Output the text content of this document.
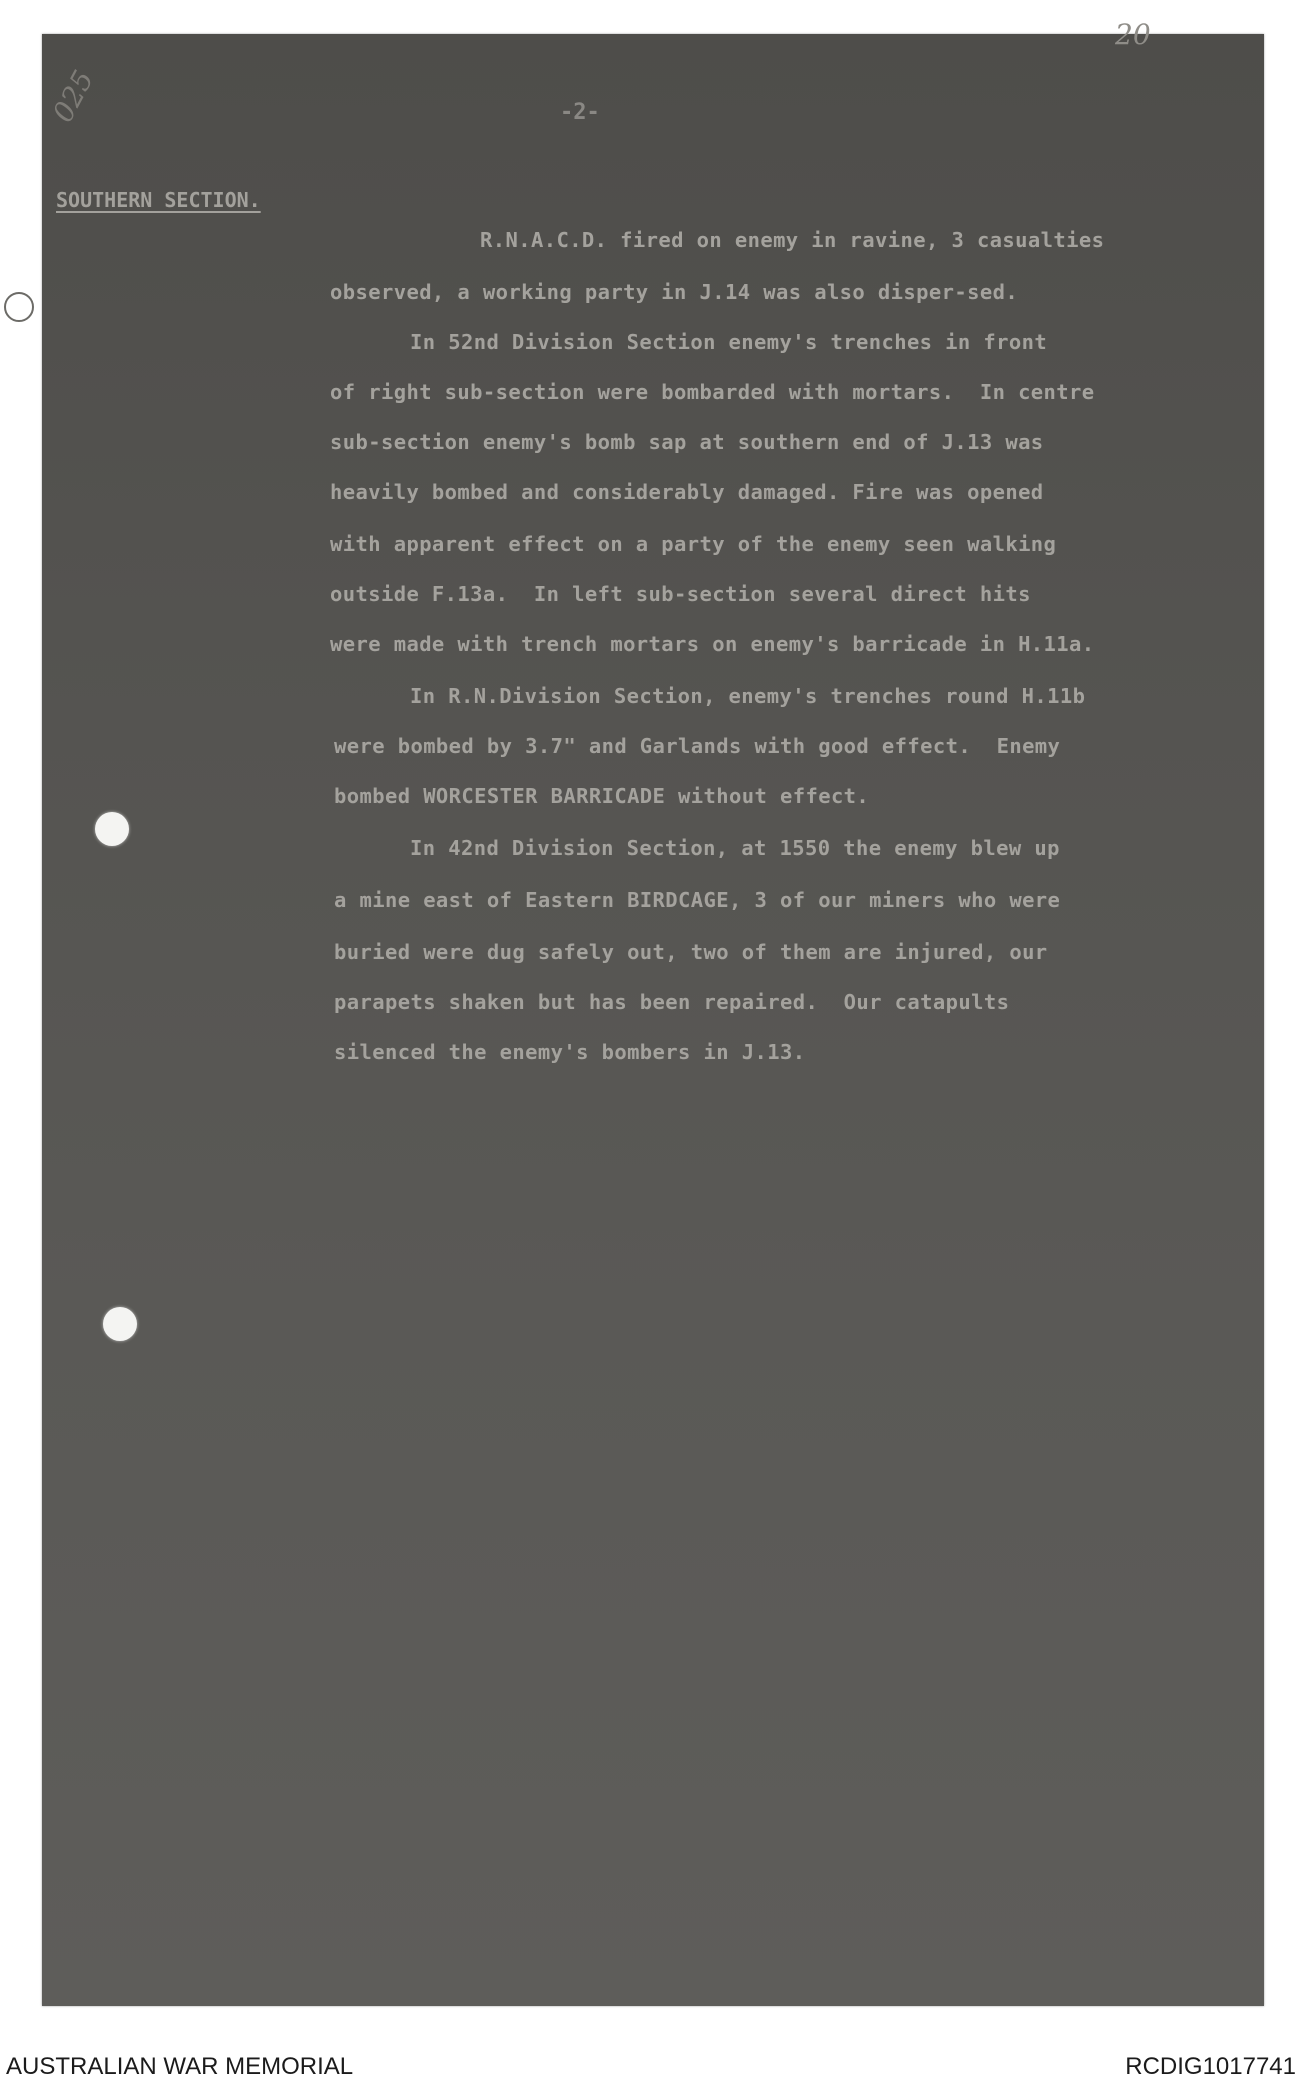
025
20
-2-
SOUTHERN SECTION.
R.N.A.C.D. fired on enemy in ravine, 3 casualties
observed, a working party in J.14 was also disper-sed.
In 52nd Division Section enemy's trenches in front
of right sub-section were bombarded with mortars.  In centre
sub-section enemy's bomb sap at southern end of J.13 was
heavily bombed and considerably damaged. Fire was opened
with apparent effect on a party of the enemy seen walking
outside F.13a.  In left sub-section several direct hits
were made with trench mortars on enemy's barricade in H.11a.
In R.N.Division Section, enemy's trenches round H.11b
were bombed by 3.7" and Garlands with good effect.  Enemy
bombed WORCESTER BARRICADE without effect.
In 42nd Division Section, at 1550 the enemy blew up
a mine east of Eastern BIRDCAGE, 3 of our miners who were
buried were dug safely out, two of them are injured, our
parapets shaken but has been repaired.  Our catapults
silenced the enemy's bombers in J.13.
AUSTRALIAN WAR MEMORIAL	RCDIG1017741
